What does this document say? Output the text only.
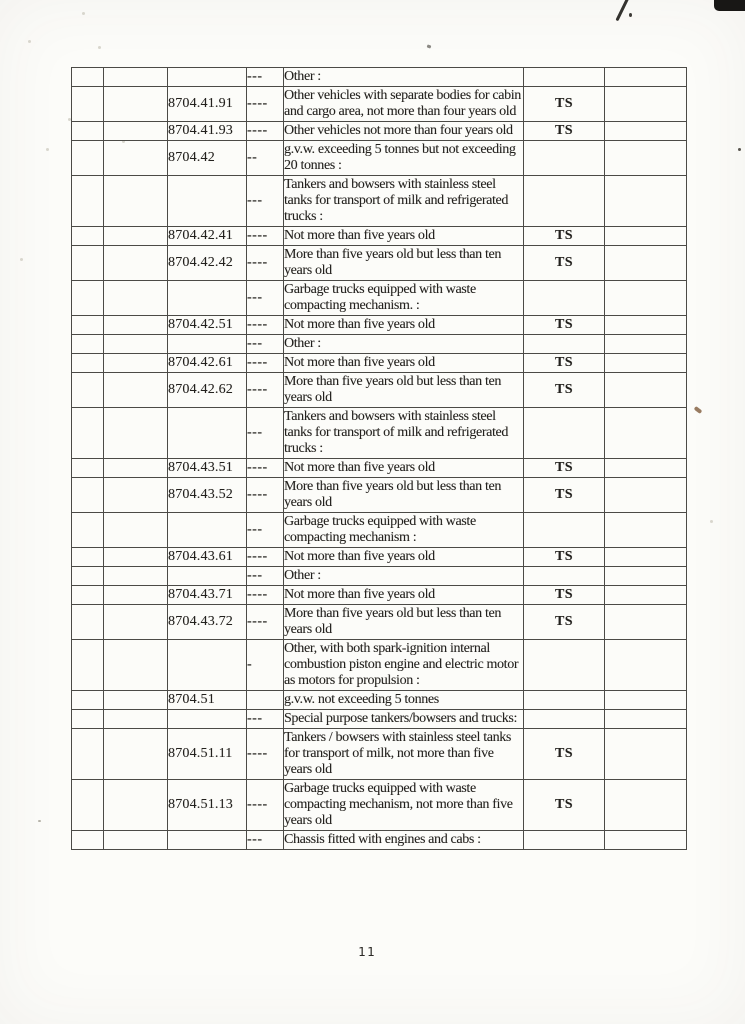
			---	Other :		
		8704.41.91	----	Other vehicles with separate bodies for cabin and cargo area, not more than four years old	TS	
		8704.41.93	----	Other vehicles not more than four years old	TS	
		8704.42	--	g.v.w. exceeding 5 tonnes but not exceeding 20 tonnes :		
			---	Tankers and bowsers with stainless steel tanks for transport of milk and refrigerated trucks :		
		8704.42.41	----	Not more than five years old	TS	
		8704.42.42	----	More than five years old but less than ten years old	TS	
			---	Garbage trucks equipped with waste compacting mechanism. :		
		8704.42.51	----	Not more than five years old	TS	
			---	Other :		
		8704.42.61	----	Not more than five years old	TS	
		8704.42.62	----	More than five years old but less than ten years old	TS	
			---	Tankers and bowsers with stainless steel tanks for transport of milk and refrigerated trucks :		
		8704.43.51	----	Not more than five years old	TS	
		8704.43.52	----	More than five years old but less than ten years old	TS	
			---	Garbage trucks equipped with waste compacting mechanism :		
		8704.43.61	----	Not more than five years old	TS	
			---	Other :		
		8704.43.71	----	Not more than five years old	TS	
		8704.43.72	----	More than five years old but less than ten years old	TS	
			-	Other, with both spark-ignition internal combustion piston engine and electric motor as motors for propulsion :		
		8704.51		g.v.w. not exceeding 5 tonnes		
			---	Special purpose tankers/bowsers and trucks:		
		8704.51.11	----	Tankers / bowsers with stainless steel tanks for transport of milk, not more than five years old	TS	
		8704.51.13	----	Garbage trucks equipped with waste compacting mechanism, not more than five years old	TS	
			---	Chassis fitted with engines and cabs :		
11
